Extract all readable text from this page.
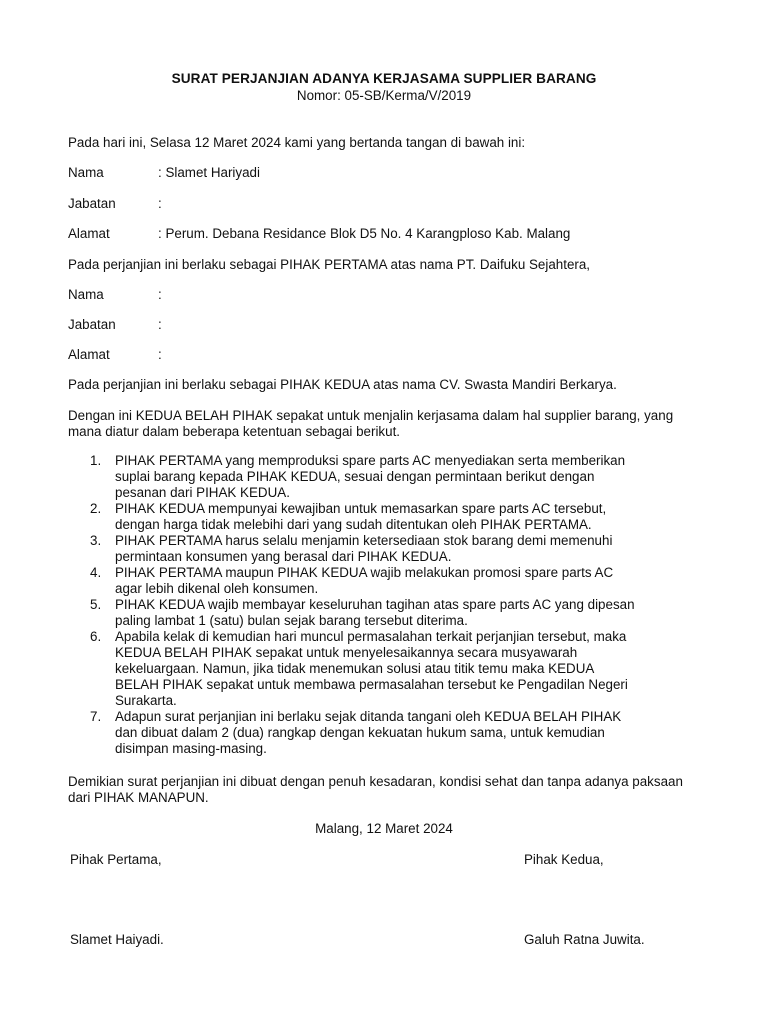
SURAT PERJANJIAN ADANYA KERJASAMA SUPPLIER BARANG
Nomor: 05-SB/Kerma/V/2019
Pada hari ini, Selasa 12 Maret 2024 kami yang bertanda tangan di bawah ini:
Nama	: Slamet Hariyadi
Jabatan	:
Alamat	: Perum. Debana Residance Blok D5 No. 4 Karangploso Kab. Malang
Pada perjanjian ini berlaku sebagai PIHAK PERTAMA atas nama PT. Daifuku Sejahtera,
Nama	:
Jabatan	:
Alamat	:
Pada perjanjian ini berlaku sebagai PIHAK KEDUA atas nama CV. Swasta Mandiri Berkarya.
Dengan ini KEDUA BELAH PIHAK sepakat untuk menjalin kerjasama dalam hal supplier barang, yang mana diatur dalam beberapa ketentuan sebagai berikut.
1. PIHAK PERTAMA yang memproduksi spare parts AC menyediakan serta memberikan
suplai barang kepada PIHAK KEDUA, sesuai dengan permintaan berikut dengan
pesanan dari PIHAK KEDUA.
2. PIHAK KEDUA mempunyai kewajiban untuk memasarkan spare parts AC tersebut,
dengan harga tidak melebihi dari yang sudah ditentukan oleh PIHAK PERTAMA.
3. PIHAK PERTAMA harus selalu menjamin ketersediaan stok barang demi memenuhi
permintaan konsumen yang berasal dari PIHAK KEDUA.
4. PIHAK PERTAMA maupun PIHAK KEDUA wajib melakukan promosi spare parts AC
agar lebih dikenal oleh konsumen.
5. PIHAK KEDUA wajib membayar keseluruhan tagihan atas spare parts AC yang dipesan
paling lambat 1 (satu) bulan sejak barang tersebut diterima.
6. Apabila kelak di kemudian hari muncul permasalahan terkait perjanjian tersebut, maka
KEDUA BELAH PIHAK sepakat untuk menyelesaikannya secara musyawarah
kekeluargaan. Namun, jika tidak menemukan solusi atau titik temu maka KEDUA
BELAH PIHAK sepakat untuk membawa permasalahan tersebut ke Pengadilan Negeri
Surakarta.
7. Adapun surat perjanjian ini berlaku sejak ditanda tangani oleh KEDUA BELAH PIHAK
dan dibuat dalam 2 (dua) rangkap dengan kekuatan hukum sama, untuk kemudian
disimpan masing-masing.
Demikian surat perjanjian ini dibuat dengan penuh kesadaran, kondisi sehat dan tanpa adanya paksaan dari PIHAK MANAPUN.
Malang, 12 Maret 2024
Pihak Pertama,	Pihak Kedua,
Slamet Haiyadi.	Galuh Ratna Juwita.
